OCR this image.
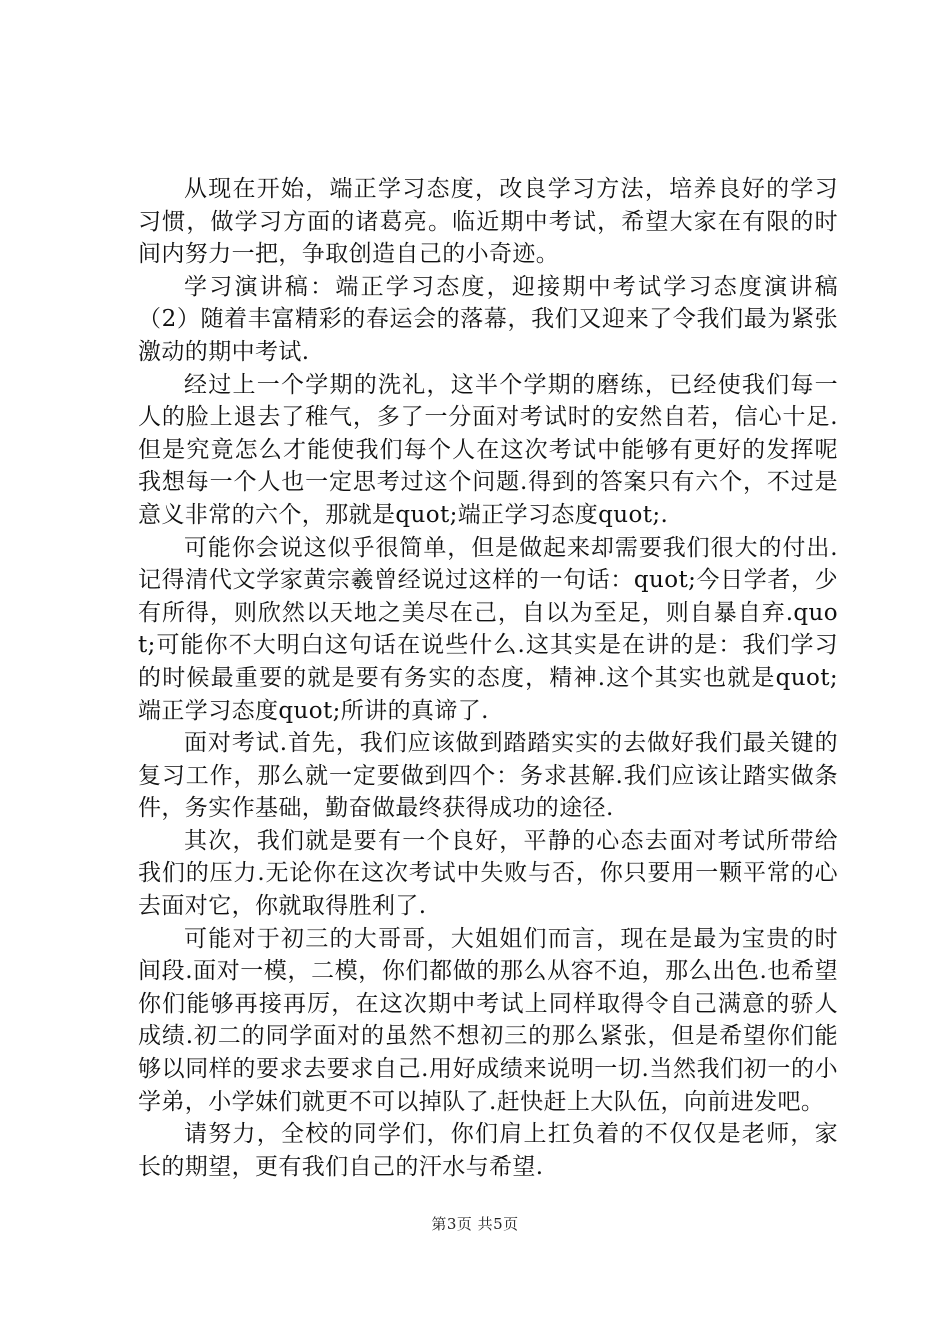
从现在开始，端正学习态度，改良学习方法，培养良好的学习习惯，做学习方面的诸葛亮。临近期中考试，希望大家在有限的时间内努力一把，争取创造自己的小奇迹。

学习演讲稿：端正学习态度，迎接期中考试学习态度演讲稿（2）随着丰富精彩的春运会的落幕，我们又迎来了令我们最为紧张激动的期中考试.

经过上一个学期的洗礼，这半个学期的磨练，已经使我们每一人的脸上退去了稚气，多了一分面对考试时的安然自若，信心十足.但是究竟怎么才能使我们每个人在这次考试中能够有更好的发挥呢我想每一个人也一定思考过这个问题.得到的答案只有六个，不过是意义非常的六个，那就是quot;端正学习态度quot;.

可能你会说这似乎很简单，但是做起来却需要我们很大的付出.记得清代文学家黄宗羲曾经说过这样的一句话：quot;今日学者，少有所得，则欣然以天地之美尽在己，自以为至足，则自暴自弃.quot;可能你不大明白这句话在说些什么.这其实是在讲的是：我们学习的时候最重要的就是要有务实的态度，精神.这个其实也就是quot;端正学习态度quot;所讲的真谛了.

面对考试.首先，我们应该做到踏踏实实的去做好我们最关键的复习工作，那么就一定要做到四个：务求甚解.我们应该让踏实做条件，务实作基础，勤奋做最终获得成功的途径.

其次，我们就是要有一个良好，平静的心态去面对考试所带给我们的压力.无论你在这次考试中失败与否，你只要用一颗平常的心去面对它，你就取得胜利了.

可能对于初三的大哥哥，大姐姐们而言，现在是最为宝贵的时间段.面对一模，二模，你们都做的那么从容不迫，那么出色.也希望你们能够再接再厉，在这次期中考试上同样取得令自己满意的骄人成绩.初二的同学面对的虽然不想初三的那么紧张，但是希望你们能够以同样的要求去要求自己.用好成绩来说明一切.当然我们初一的小学弟，小学妹们就更不可以掉队了.赶快赶上大队伍，向前进发吧。

请努力，全校的同学们，你们肩上扛负着的不仅仅是老师，家长的期望，更有我们自己的汗水与希望.

第3页 共5页
